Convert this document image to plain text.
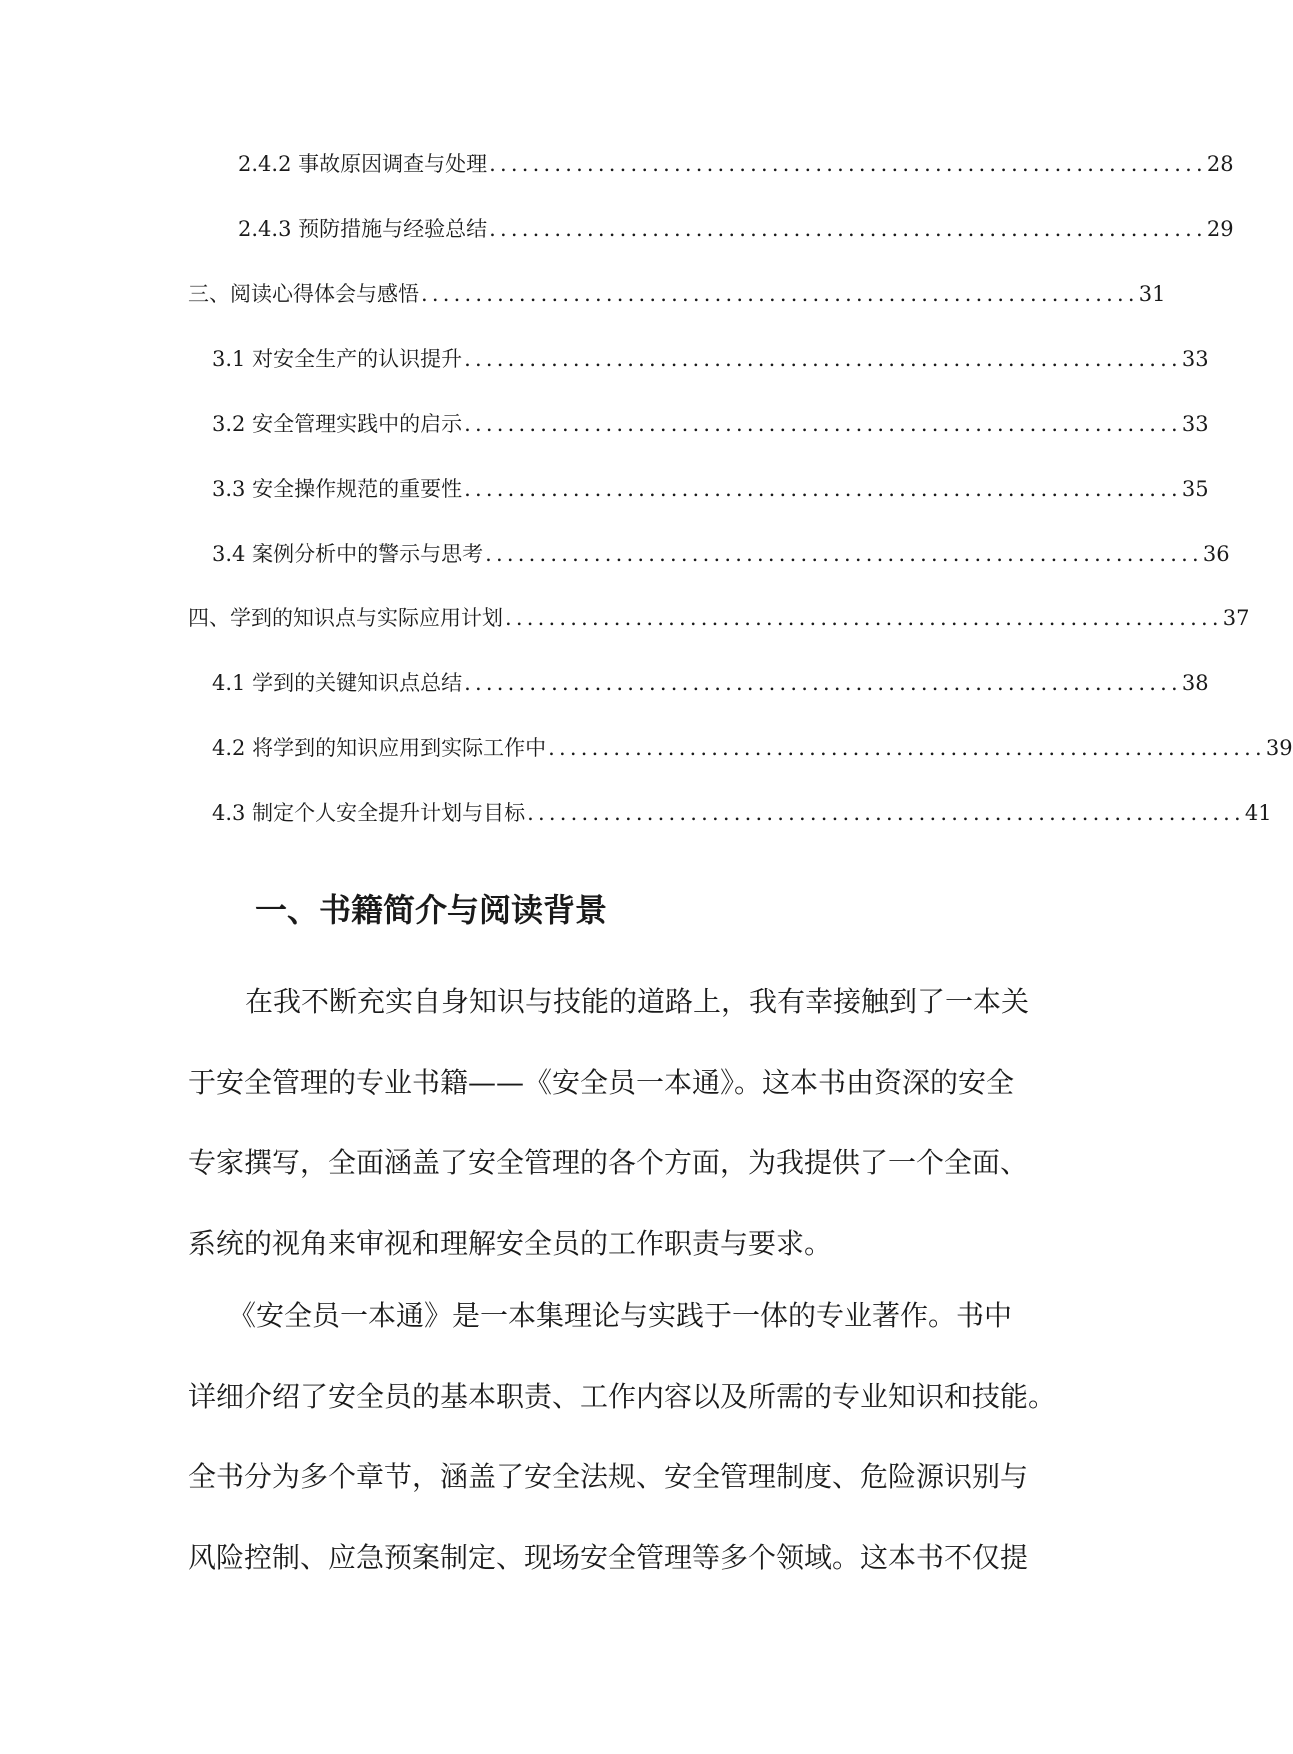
2.4.2 事故原因调查与处理 .................................................................. 28
2.4.3 预防措施与经验总结 .................................................................. 29
三、阅读心得体会与感悟 .................................................................. 31
3.1 对安全生产的认识提升 .................................................................. 33
3.2 安全管理实践中的启示 .................................................................. 33
3.3 安全操作规范的重要性 .................................................................. 35
3.4 案例分析中的警示与思考 .................................................................. 36
四、学到的知识点与实际应用计划 .................................................................. 37
4.1 学到的关键知识点总结 .................................................................. 38
4.2 将学到的知识应用到实际工作中 .................................................................. 39
4.3 制定个人安全提升计划与目标 .................................................................. 41
一、书籍简介与阅读背景
在我不断充实自身知识与技能的道路上，我有幸接触到了一本关
于安全管理的专业书籍——《安全员一本通》。这本书由资深的安全
专家撰写，全面涵盖了安全管理的各个方面，为我提供了一个全面、
系统的视角来审视和理解安全员的工作职责与要求。
《安全员一本通》是一本集理论与实践于一体的专业著作。书中
详细介绍了安全员的基本职责、工作内容以及所需的专业知识和技能。
全书分为多个章节，涵盖了安全法规、安全管理制度、危险源识别与
风险控制、应急预案制定、现场安全管理等多个领域。这本书不仅提
